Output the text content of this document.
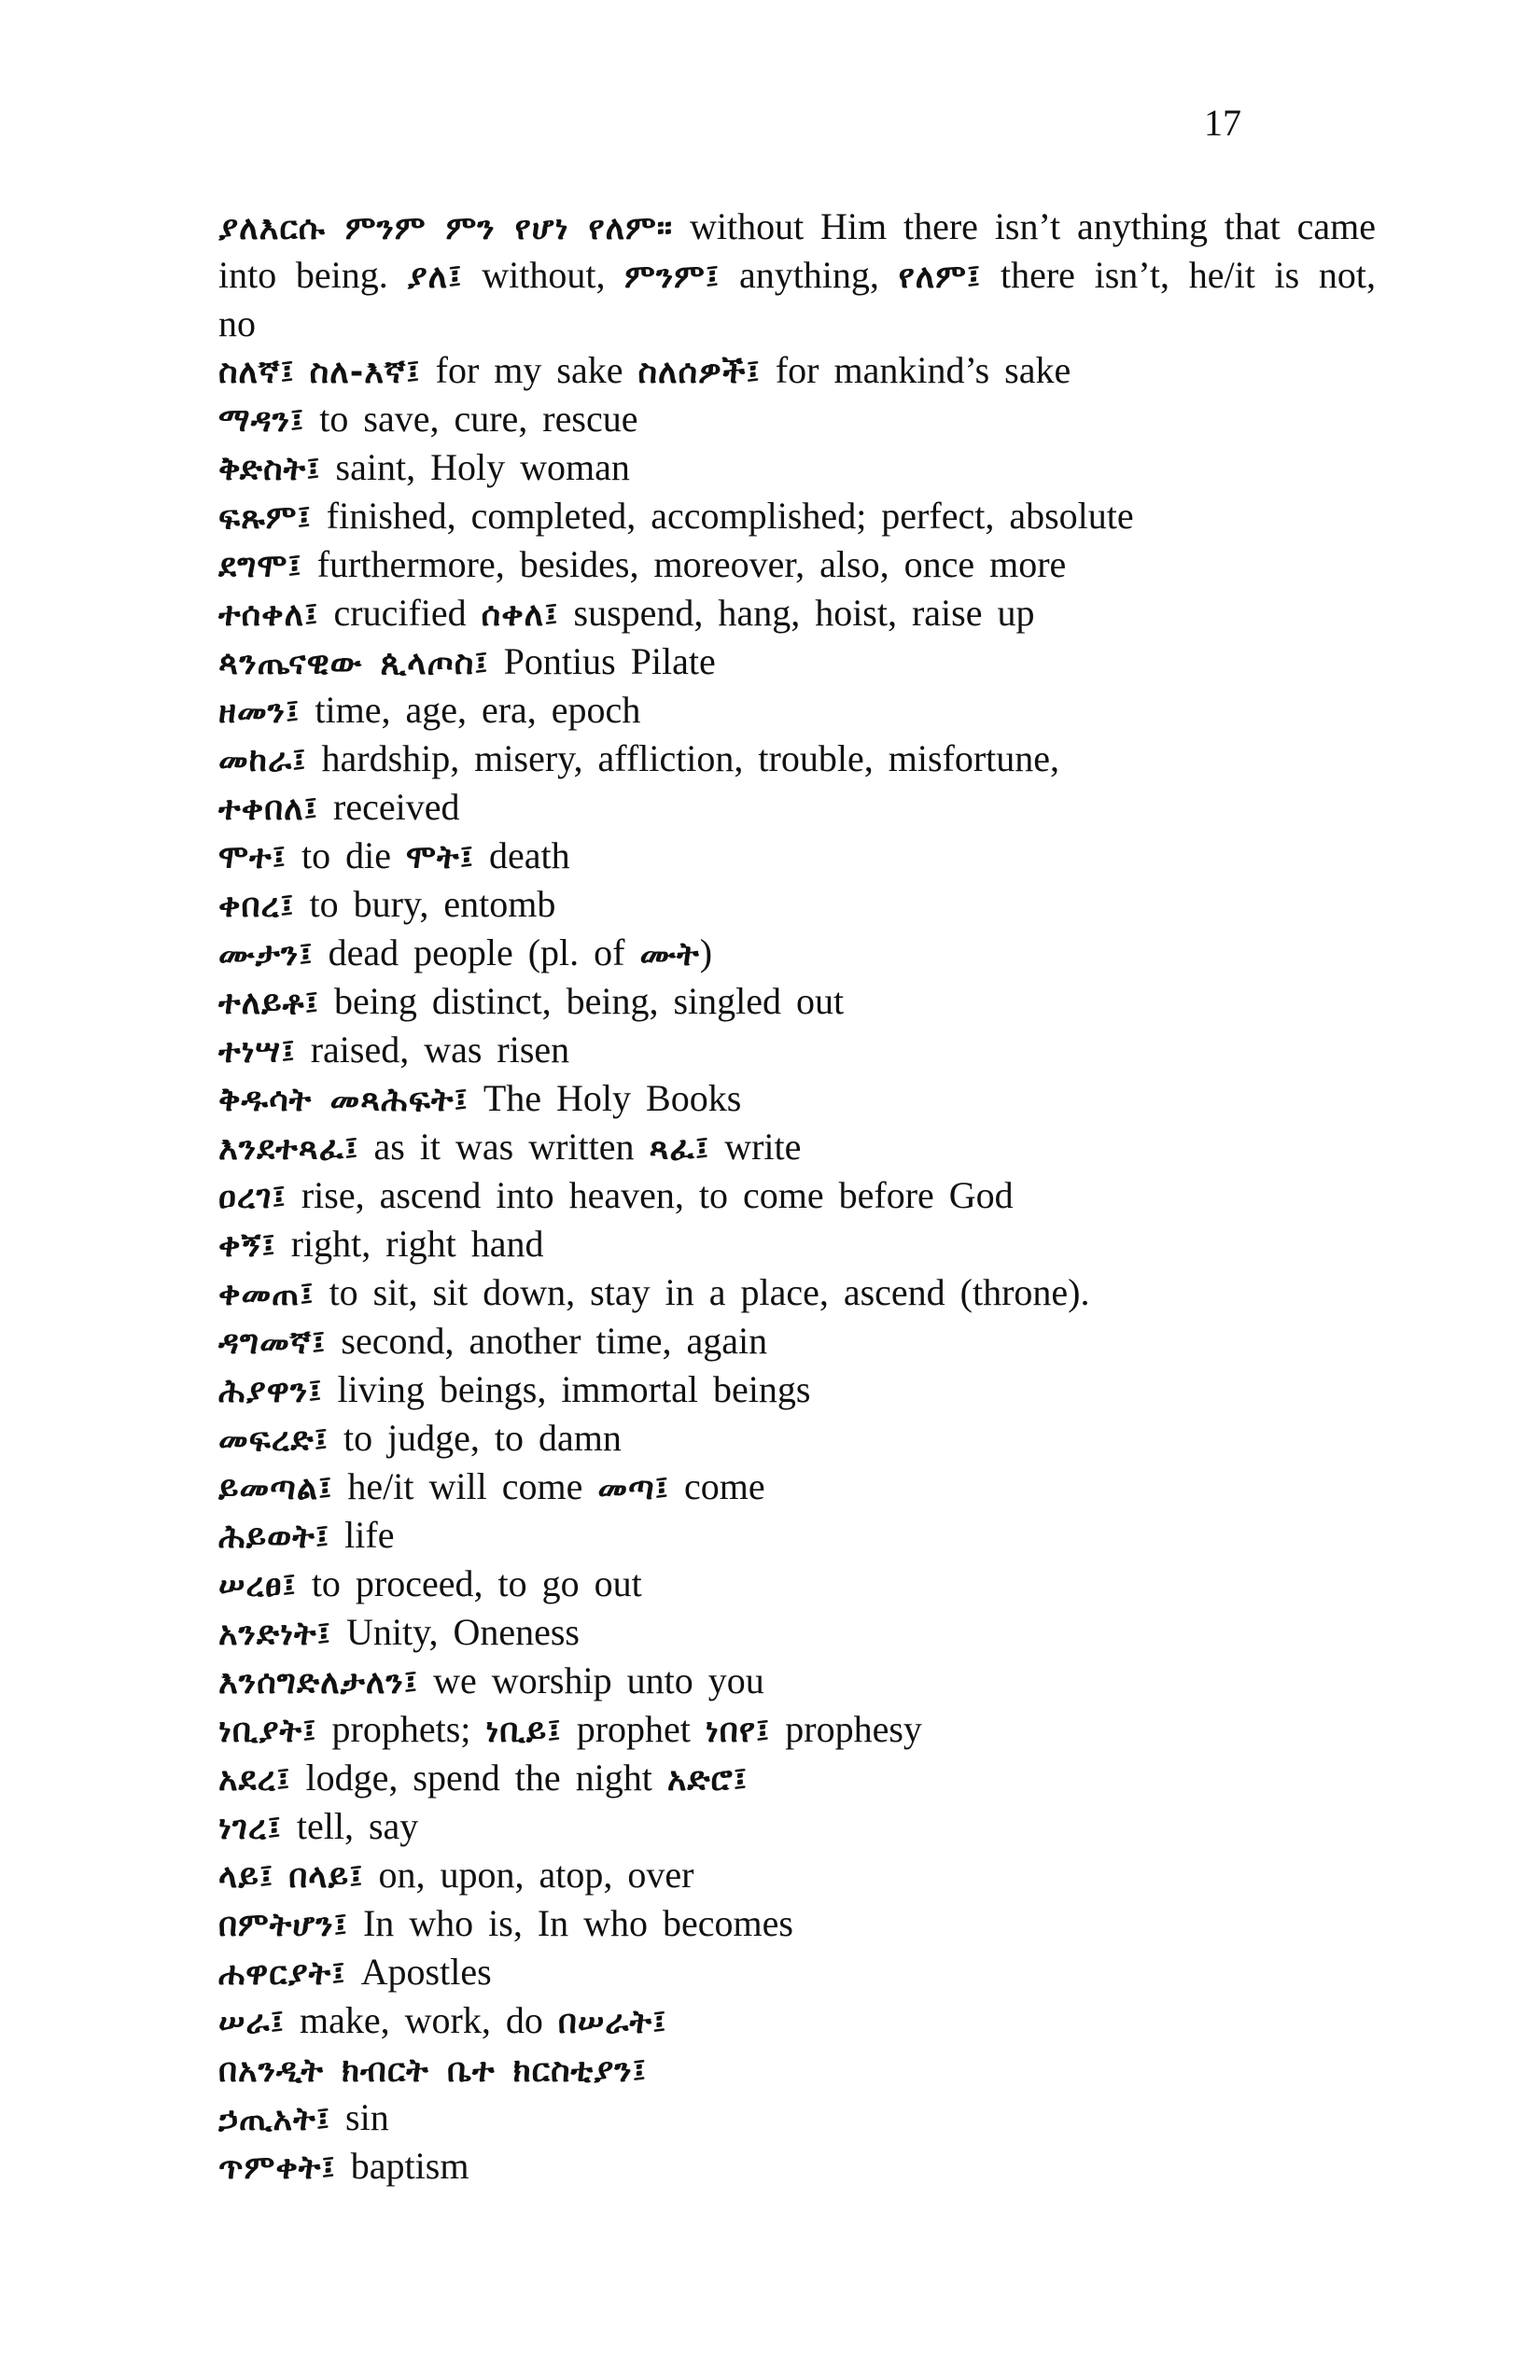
17
ያለእርሱ ምንም ምን የሆነ የለም። without Him there isn’t anything that came into being. ያለ፤ without, ምንም፤ anything, የለም፤ there isn’t, he/it is not, no
ስለኛ፤ ስለ-እኛ፤ for my sake ስለሰዎች፤ for mankind’s sake
ማዳን፤ to save, cure, rescue
ቅድስት፤ saint, Holy woman
ፍጹም፤ finished, completed, accomplished; perfect, absolute
ደግሞ፤ furthermore, besides, moreover, also, once more
ተሰቀለ፤ crucified ሰቀለ፤ suspend, hang, hoist, raise up
ጳንጤናዊው ጲላጦስ፤ Pontius Pilate
ዘመን፤ time, age, era, epoch
መከራ፤ hardship, misery, affliction, trouble, misfortune,
ተቀበለ፤ received
ሞተ፤ to die ሞት፤ death
ቀበረ፤ to bury, entomb
ሙታን፤ dead people (pl. of ሙት)
ተለይቶ፤ being distinct, being, singled out
ተነሣ፤ raised, was risen
ቅዱሳት መጻሕፍት፤ The Holy Books
እንደተጻፈ፤ as it was written ጻፈ፤ write
ዐረገ፤ rise, ascend into heaven, to come before God
ቀኝ፤ right, right hand
ቀመጠ፤ to sit, sit down, stay in a place, ascend (throne).
ዳግመኛ፤ second, another time, again
ሕያዋን፤ living beings, immortal beings
መፍረድ፤ to judge, to damn
ይመጣል፤ he/it will come መጣ፤ come
ሕይወት፤ life
ሠረፀ፤ to proceed, to go out
አንድነት፤ Unity, Oneness
እንሰግድለታለን፤ we worship unto you
ነቢያት፤ prophets; ነቢይ፤ prophet ነበየ፤ prophesy
አደረ፤ lodge, spend the night አድሮ፤
ነገረ፤ tell, say
ላይ፤ በላይ፤ on, upon, atop, over
በምትሆን፤ In who is, In who becomes
ሐዋርያት፤ Apostles
ሠራ፤ make, work, do በሠራት፤
በአንዲት ክብርት ቤተ ክርስቲያን፤
ኃጢአት፤ sin
ጥምቀት፤ baptism
